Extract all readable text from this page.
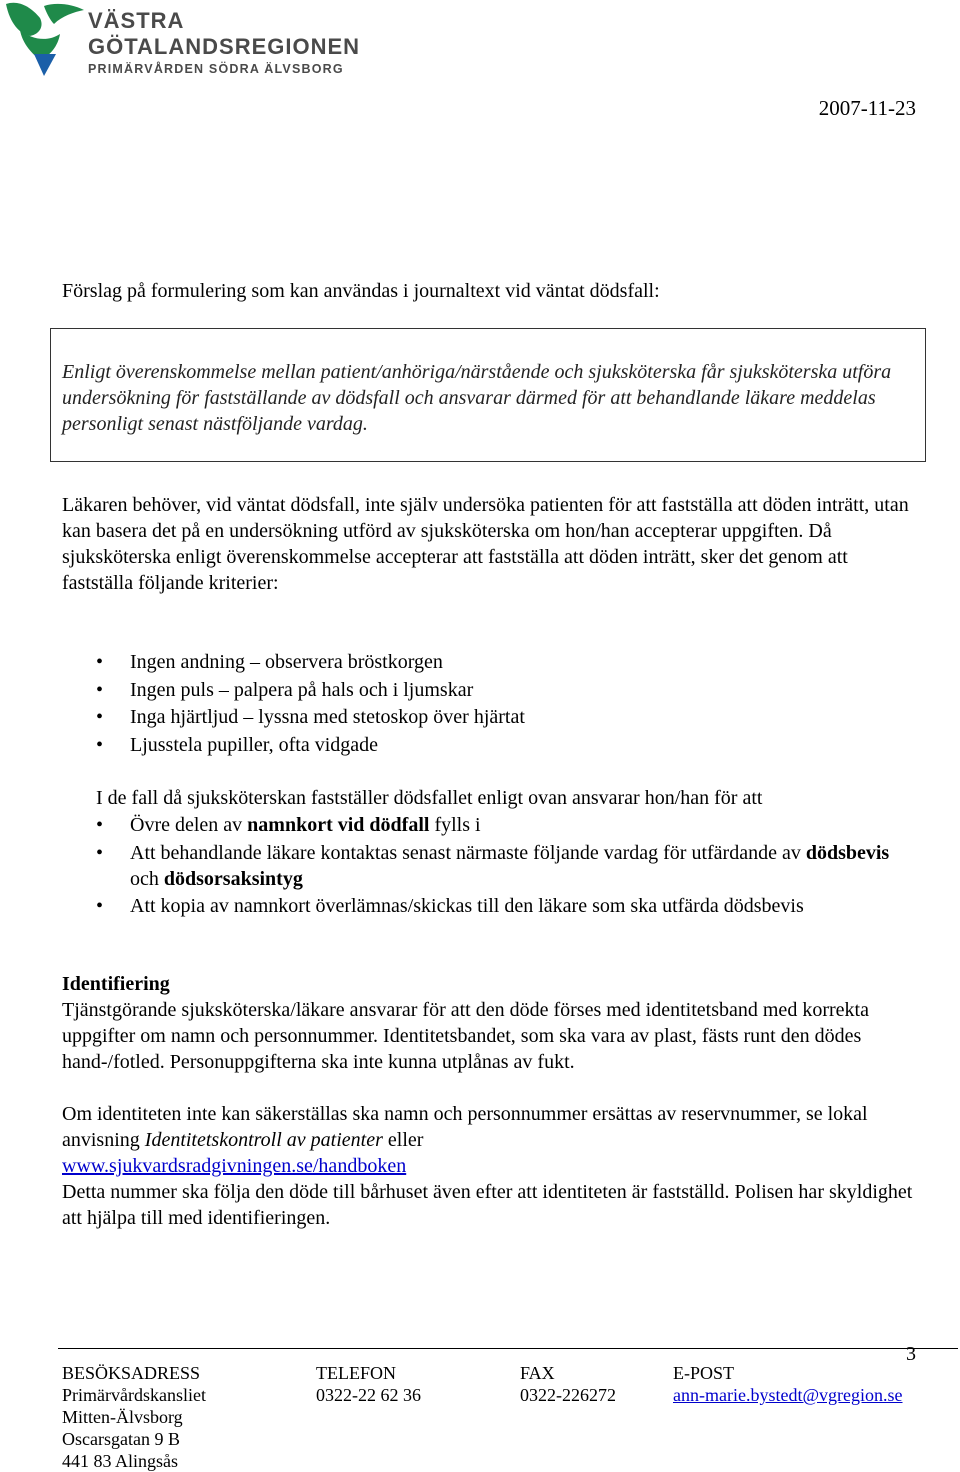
VÄSTRA
GÖTALANDSREGIONEN
PRIMÄRVÅRDEN SÖDRA ÄLVSBORG
2007-11-23
Förslag på formulering som kan användas i journaltext vid väntat dödsfall:

Enligt överenskommelse mellan patient/anhöriga/närstående och sjuksköterska får sjuksköterska utföra undersökning för fastställande av dödsfall och ansvarar därmed för att behandlande läkare meddelas personligt senast nästföljande vardag.

Läkaren behöver, vid väntat dödsfall, inte själv undersöka patienten för att fastställa att döden inträtt, utan kan basera det på en undersökning utförd av sjuksköterska om hon/han accepterar uppgiften. Då sjuksköterska enligt överenskommelse accepterar att fastställa att döden inträtt, sker det genom att fastställa följande kriterier:

• Ingen andning – observera bröstkorgen
• Ingen puls – palpera på hals och i ljumskar
• Inga hjärtljud – lyssna med stetoskop över hjärtat
• Ljusstela pupiller, ofta vidgade
I de fall då sjuksköterskan fastställer dödsfallet enligt ovan ansvarar hon/han för att
• Övre delen av namnkort vid dödfall fylls i
• Att behandlande läkare kontaktas senast närmaste följande vardag för utfärdande av dödsbevis och dödsorsaksintyg
• Att kopia av namnkort överlämnas/skickas till den läkare som ska utfärda dödsbevis
Identifiering

Tjänstgörande sjuksköterska/läkare ansvarar för att den döde förses med identitetsband med korrekta uppgifter om namn och personnummer. Identitetsbandet, som ska vara av plast, fästs runt den dödes hand-/fotled. Personuppgifterna ska inte kunna utplånas av fukt.

Om identiteten inte kan säkerställas ska namn och personnummer ersättas av reservnummer, se lokal anvisning Identitetskontroll av patienter eller
www.sjukvardsradgivningen.se/handboken
Detta nummer ska följa den döde till bårhuset även efter att identiteten är fastställd. Polisen har skyldighet att hjälpa till med identifieringen.

3
BESÖKSADRESS
Primärvårdskansliet
Mitten-Älvsborg
Oscarsgatan 9 B
441 83 Alingsås
TELEFON
0322-22 62 36
FAX
0322-226272
E-POST
ann-marie.bystedt@vgregion.se
